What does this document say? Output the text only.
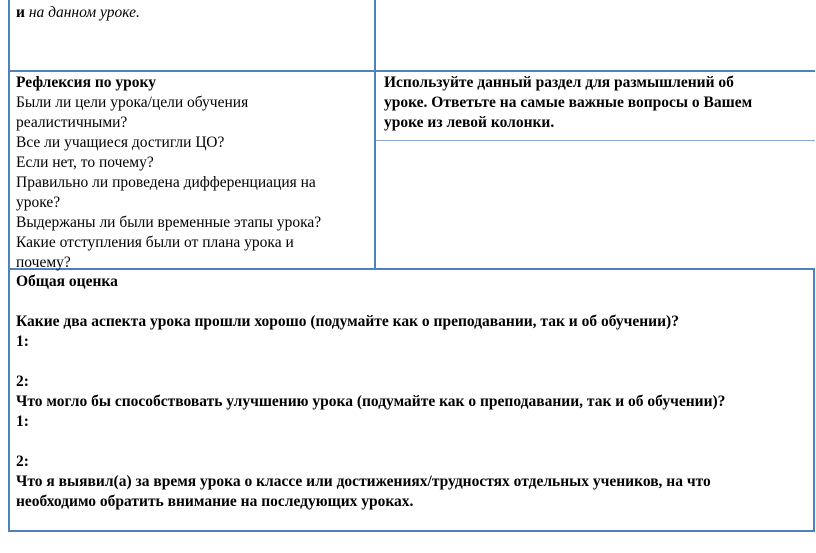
и на данном уроке.
Рефлексия по уроку
Были ли цели урока/цели обучения
реалистичными?
Все ли учащиеся достигли ЦО?
Если нет, то почему?
Правильно ли проведена дифференциация на
уроке?
Выдержаны ли были временные этапы урока?
Какие отступления были от плана урока и
почему?
Используйте данный раздел для размышлений об
уроке. Ответьте на самые важные вопросы о Вашем
уроке из левой колонки.
Общая оценка
Какие два аспекта урока прошли хорошо (подумайте как о преподавании, так и об обучении)?
1:
2:
Что могло бы способствовать улучшению урока (подумайте как о преподавании, так и об обучении)?
1:
2:
Что я выявил(а) за время урока о классе или достижениях/трудностях отдельных учеников, на что
необходимо обратить внимание на последующих уроках.
